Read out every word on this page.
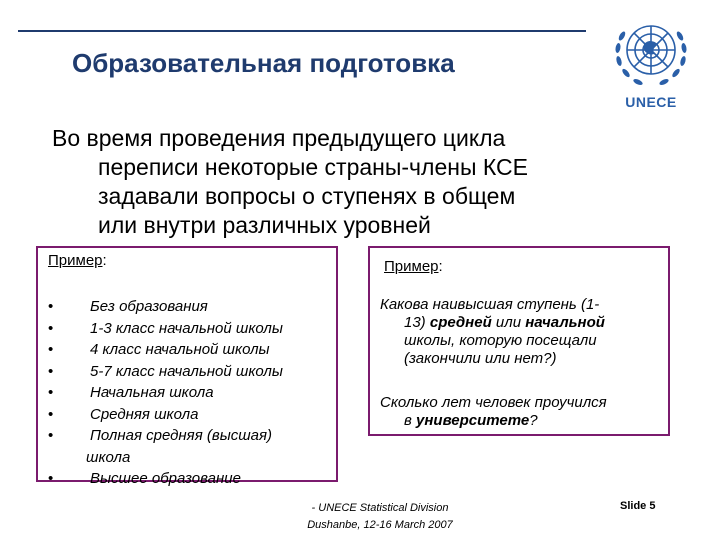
Образовательная подготовка
UNECE
Во время проведения предыдущего цикла
переписи некоторые страны-члены КСЕ
задавали вопросы о ступенях в общем
или внутри различных уровней
Пример:
• Без образования
• 1-3 класс начальной школы
• 4 класс начальной школы
• 5-7 класс начальной школы
• Начальная школа
• Средняя школа
• Полная средняя (высшая)
школа
• Высшее образование
Пример:
Какова наивысшая ступень (1-
13) средней или начальной
школы, которую посещали
(закончили или нет?)
Сколько лет человек проучился
в университете?
- UNECE Statistical Division
Dushanbe, 12-16 March 2007
Slide 5
